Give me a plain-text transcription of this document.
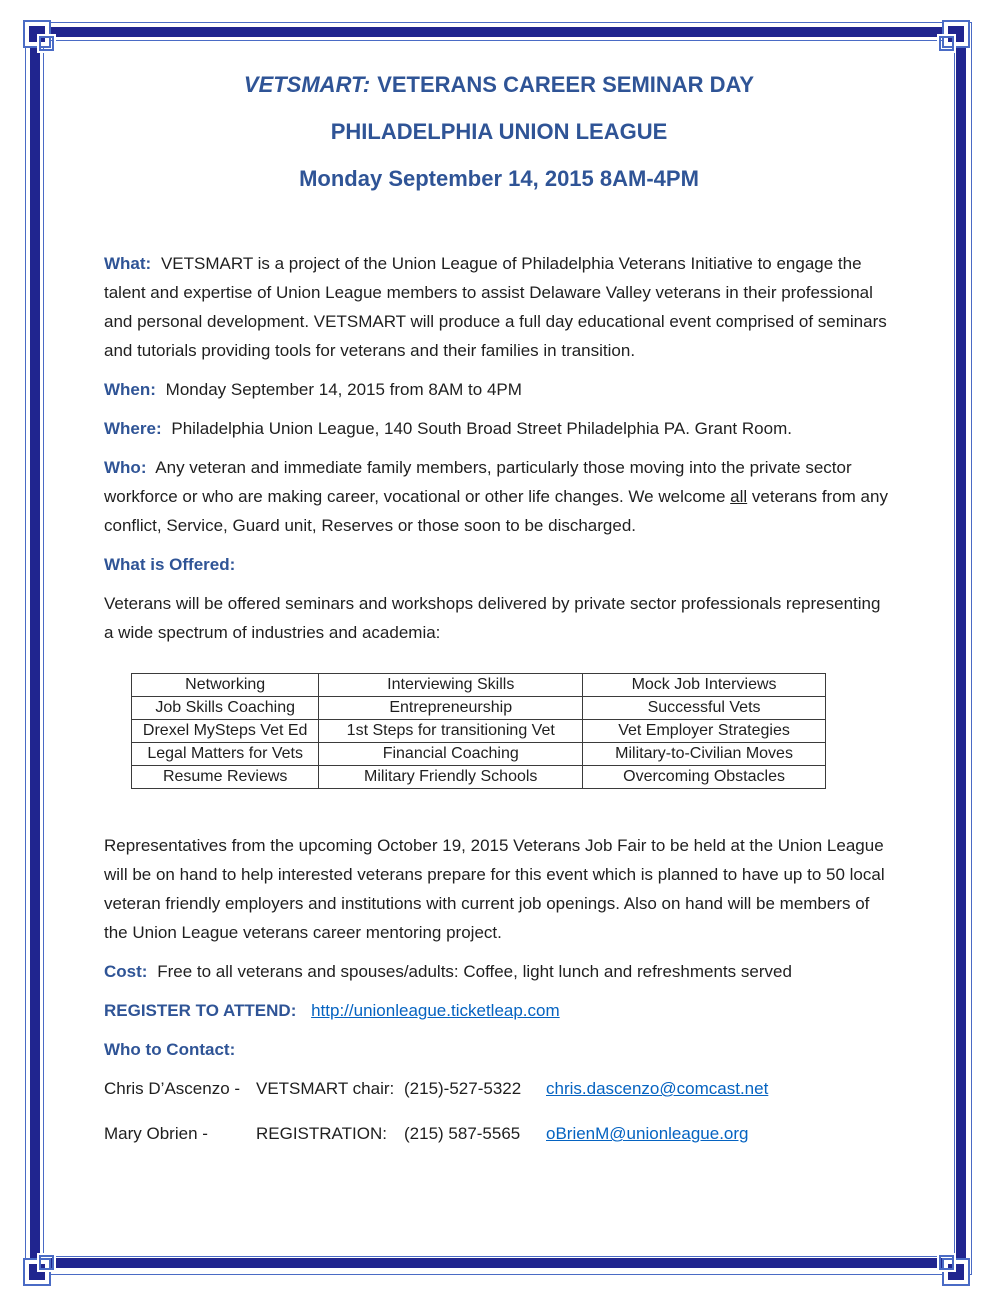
VETSMART: VETERANS CAREER SEMINAR DAY
PHILADELPHIA UNION LEAGUE
Monday September 14, 2015 8AM-4PM

What: VETSMART is a project of the Union League of Philadelphia Veterans Initiative to engage the talent and expertise of Union League members to assist Delaware Valley veterans in their professional and personal development. VETSMART will produce a full day educational event comprised of seminars and tutorials providing tools for veterans and their families in transition.

When: Monday September 14, 2015 from 8AM to 4PM

Where: Philadelphia Union League, 140 South Broad Street Philadelphia PA. Grant Room.

Who: Any veteran and immediate family members, particularly those moving into the private sector workforce or who are making career, vocational or other life changes. We welcome all veterans from any conflict, Service, Guard unit, Reserves or those soon to be discharged.

What is Offered:

Veterans will be offered seminars and workshops delivered by private sector professionals representing a wide spectrum of industries and academia:

Networking	Interviewing Skills	Mock Job Interviews
Job Skills Coaching	Entrepreneurship	Successful Vets
Drexel MySteps Vet Ed	1st Steps for transitioning Vet	Vet Employer Strategies
Legal Matters for Vets	Financial Coaching	Military-to-Civilian Moves
Resume Reviews	Military Friendly Schools	Overcoming Obstacles

Representatives from the upcoming October 19, 2015 Veterans Job Fair to be held at the Union League will be on hand to help interested veterans prepare for this event which is planned to have up to 50 local veteran friendly employers and institutions with current job openings. Also on hand will be members of the Union League veterans career mentoring project.

Cost: Free to all veterans and spouses/adults: Coffee, light lunch and refreshments served

REGISTER TO ATTEND: http://unionleague.ticketleap.com

Who to Contact:
Chris D’Ascenzo - VETSMART chair: (215)-527-5322	chris.dascenzo@comcast.net
Mary Obrien -	REGISTRATION:	(215) 587-5565	oBrienM@unionleague.org
